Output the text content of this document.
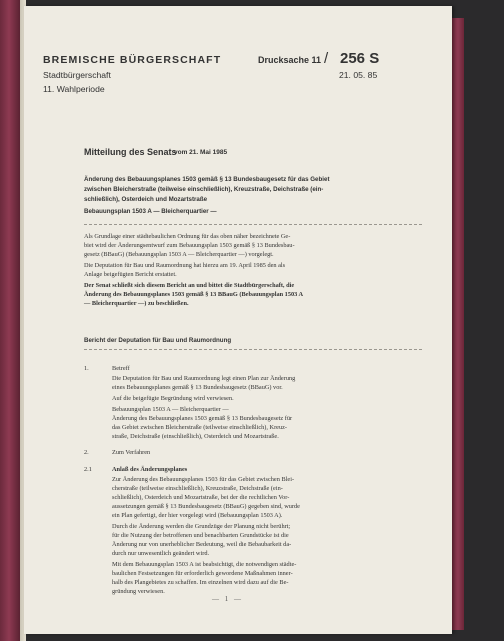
BREMISCHE BÜRGERSCHAFT
Stadtbürgerschaft
11. Wahlperiode
Drucksache 11 / 256 S
21. 05. 85
Mitteilung des Senats
vom 21. Mai 1985
Änderung des Bebauungsplanes 1503 gemäß § 13 Bundesbaugesetz für das Gebiet
zwischen Bleicherstraße (teilweise einschließlich), Kreuzstraße, Deichstraße (ein-
schließlich), Osterdeich und Mozartstraße
Bebauungsplan 1503 A — Bleicherquartier —
Als Grundlage einer städtebaulichen Ordnung für das oben näher bezeichnete Ge-
biet wird der Änderungsentwurf zum Bebauungsplan 1503 gemäß § 13 Bundesbau-
gesetz (BBauG) (Bebauungsplan 1503 A — Bleicherquartier —) vorgelegt.
Die Deputation für Bau und Raumordnung hat hierzu am 19. April 1985 den als
Anlage beigefügten Bericht erstattet.
Der Senat schließt sich diesem Bericht an und bittet die Stadtbürgerschaft, die
Änderung des Bebauungsplanes 1503 gemäß § 13 BBauG (Bebauungsplan 1503 A
— Bleicherquartier —) zu beschließen.
Bericht der Deputation für Bau und Raumordnung
1.	Betreff
Die Deputation für Bau und Raumordnung legt einen Plan zur Änderung
eines Bebauungsplanes gemäß § 13 Bundesbaugesetz (BBauG) vor.
Auf die beigefügte Begründung wird verwiesen.
Bebauungsplan 1503 A — Bleicherquartier —
Änderung des Bebauungsplanes 1503 gemäß § 13 Bundesbaugesetz für
das Gebiet zwischen Bleicherstraße (teilweise einschließlich), Kreuz-
straße, Deichstraße (einschließlich), Osterdeich und Mozartstraße.
2.	Zum Verfahren
2.1	Anlaß des Änderungsplanes
Zur Änderung des Bebauungsplanes 1503 für das Gebiet zwischen Blei-
cherstraße (teilweise einschließlich), Kreuzstraße, Deichstraße (ein-
schließlich), Osterdeich und Mozartstraße, bei der die rechtlichen Vor-
aussetzungen gemäß § 13 Bundesbaugesetz (BBauG) gegeben sind, wurde
ein Plan gefertigt, der hier vorgelegt wird (Bebauungsplan 1503 A).
Durch die Änderung werden die Grundzüge der Planung nicht berührt;
für die Nutzung der betroffenen und benachbarten Grundstücke ist die
Änderung nur von unerheblicher Bedeutung, weil die Bebaubarkeit da-
durch nur unwesentlich geändert wird.
Mit dem Bebauungsplan 1503 A ist beabsichtigt, die notwendigen städte-
baulichen Festsetzungen für erforderlich gewordene Maßnahmen inner-
halb des Plangebietes zu schaffen. Im einzelnen wird dazu auf die Be-
gründung verwiesen.
— 1 —
